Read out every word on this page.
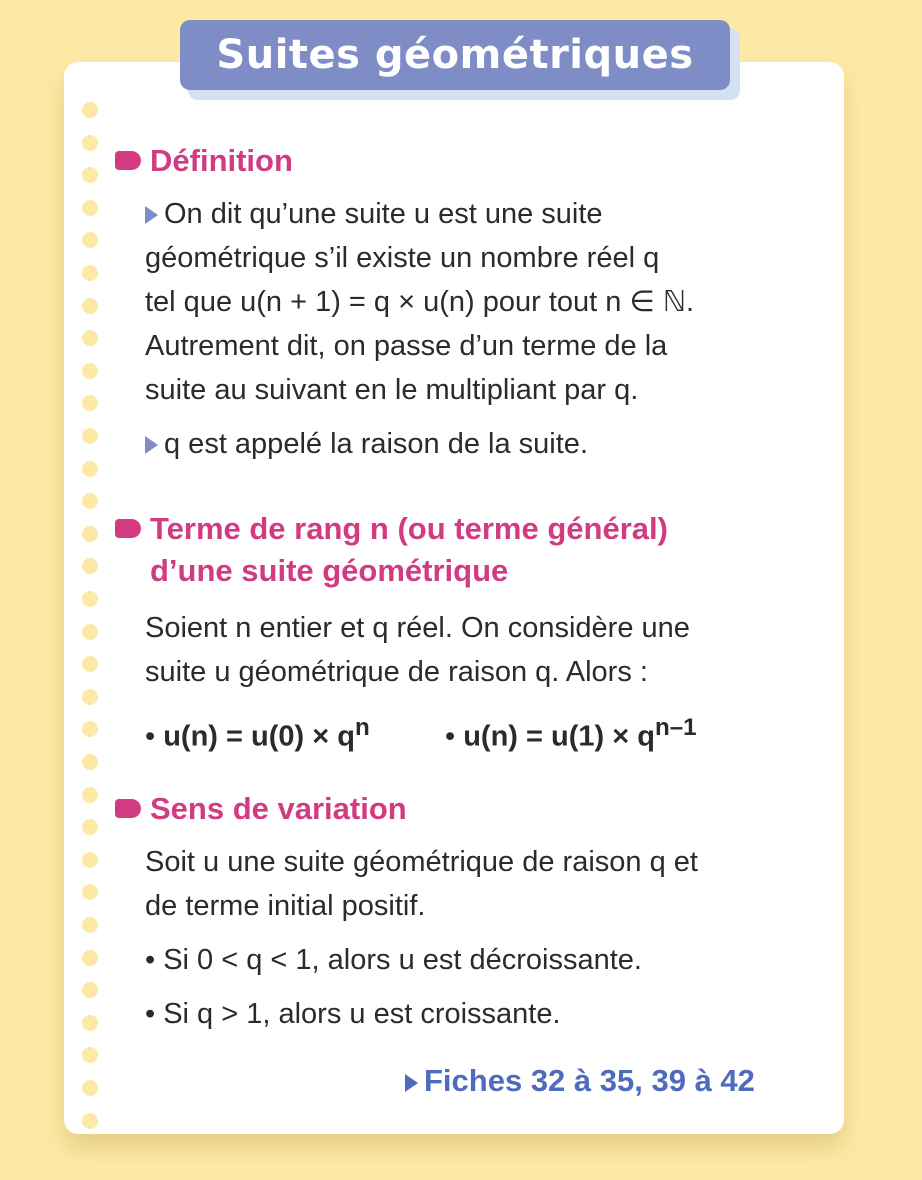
Suites géométriques
Définition
On dit qu’une suite u est une suite
géométrique s’il existe un nombre réel q
tel que u(n + 1) = q × u(n) pour tout n ∈ ℕ.
Autrement dit, on passe d’un terme de la
suite au suivant en le multipliant par q.
q est appelé la raison de la suite.
Terme de rang n (ou terme général)
d’une suite géométrique
Soient n entier et q réel. On considère une
suite u géométrique de raison q. Alors :
• $u(n) = u(0) \times q^n$	• $u(n) = u(1) \times q^{n-1}$
Sens de variation
Soit u une suite géométrique de raison q et
de terme initial positif.
• Si 0 < q < 1, alors u est décroissante.
• Si q > 1, alors u est croissante.
Fiches 32 à 35, 39 à 42
